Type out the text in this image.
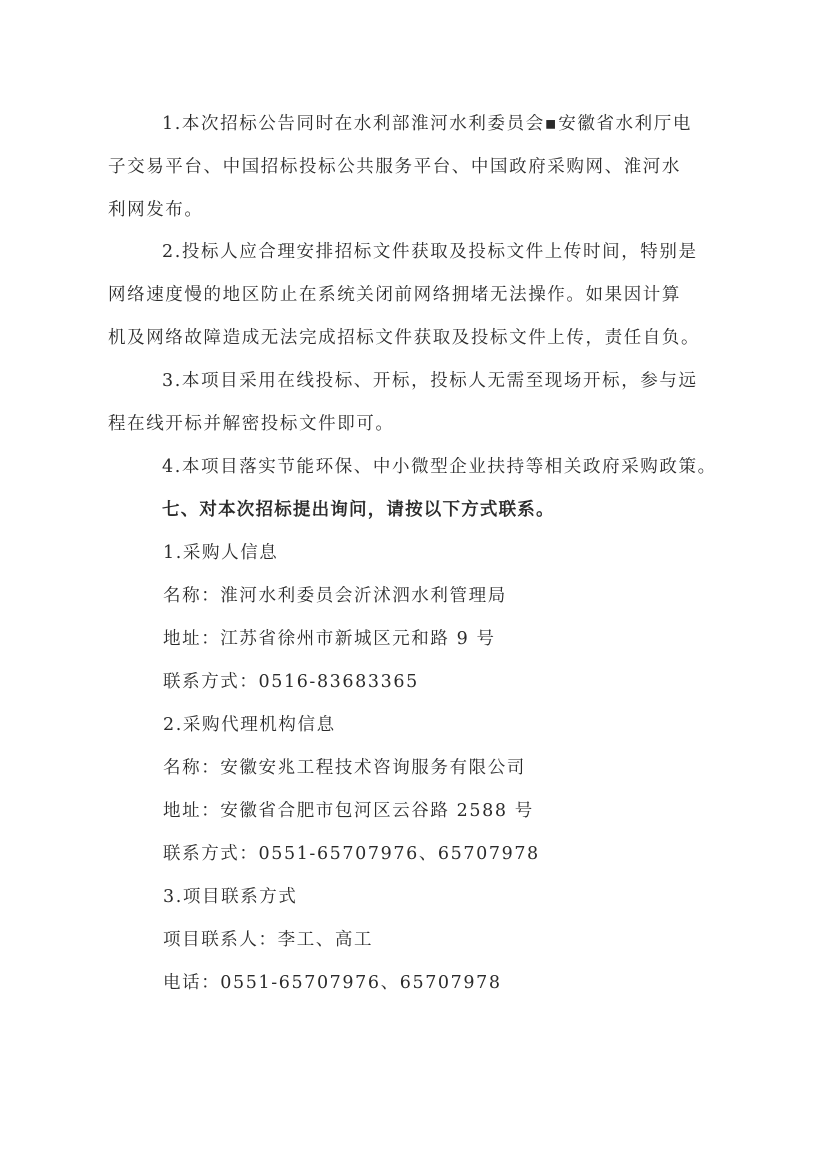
1.本次招标公告同时在水利部淮河水利委员会▪安徽省水利厅电
子交易平台、中国招标投标公共服务平台、中国政府采购网、淮河水
利网发布。
2.投标人应合理安排招标文件获取及投标文件上传时间，特别是
网络速度慢的地区防止在系统关闭前网络拥堵无法操作。如果因计算
机及网络故障造成无法完成招标文件获取及投标文件上传，责任自负。
3.本项目采用在线投标、开标，投标人无需至现场开标，参与远
程在线开标并解密投标文件即可。
4.本项目落实节能环保、中小微型企业扶持等相关政府采购政策。
七、对本次招标提出询问，请按以下方式联系。
1.采购人信息
名称：淮河水利委员会沂沭泗水利管理局
地址：江苏省徐州市新城区元和路 9 号
联系方式：0516-83683365
2.采购代理机构信息
名称：安徽安兆工程技术咨询服务有限公司
地址：安徽省合肥市包河区云谷路 2588 号
联系方式：0551-65707976、65707978
3.项目联系方式
项目联系人：李工、高工
电话：0551-65707976、65707978
